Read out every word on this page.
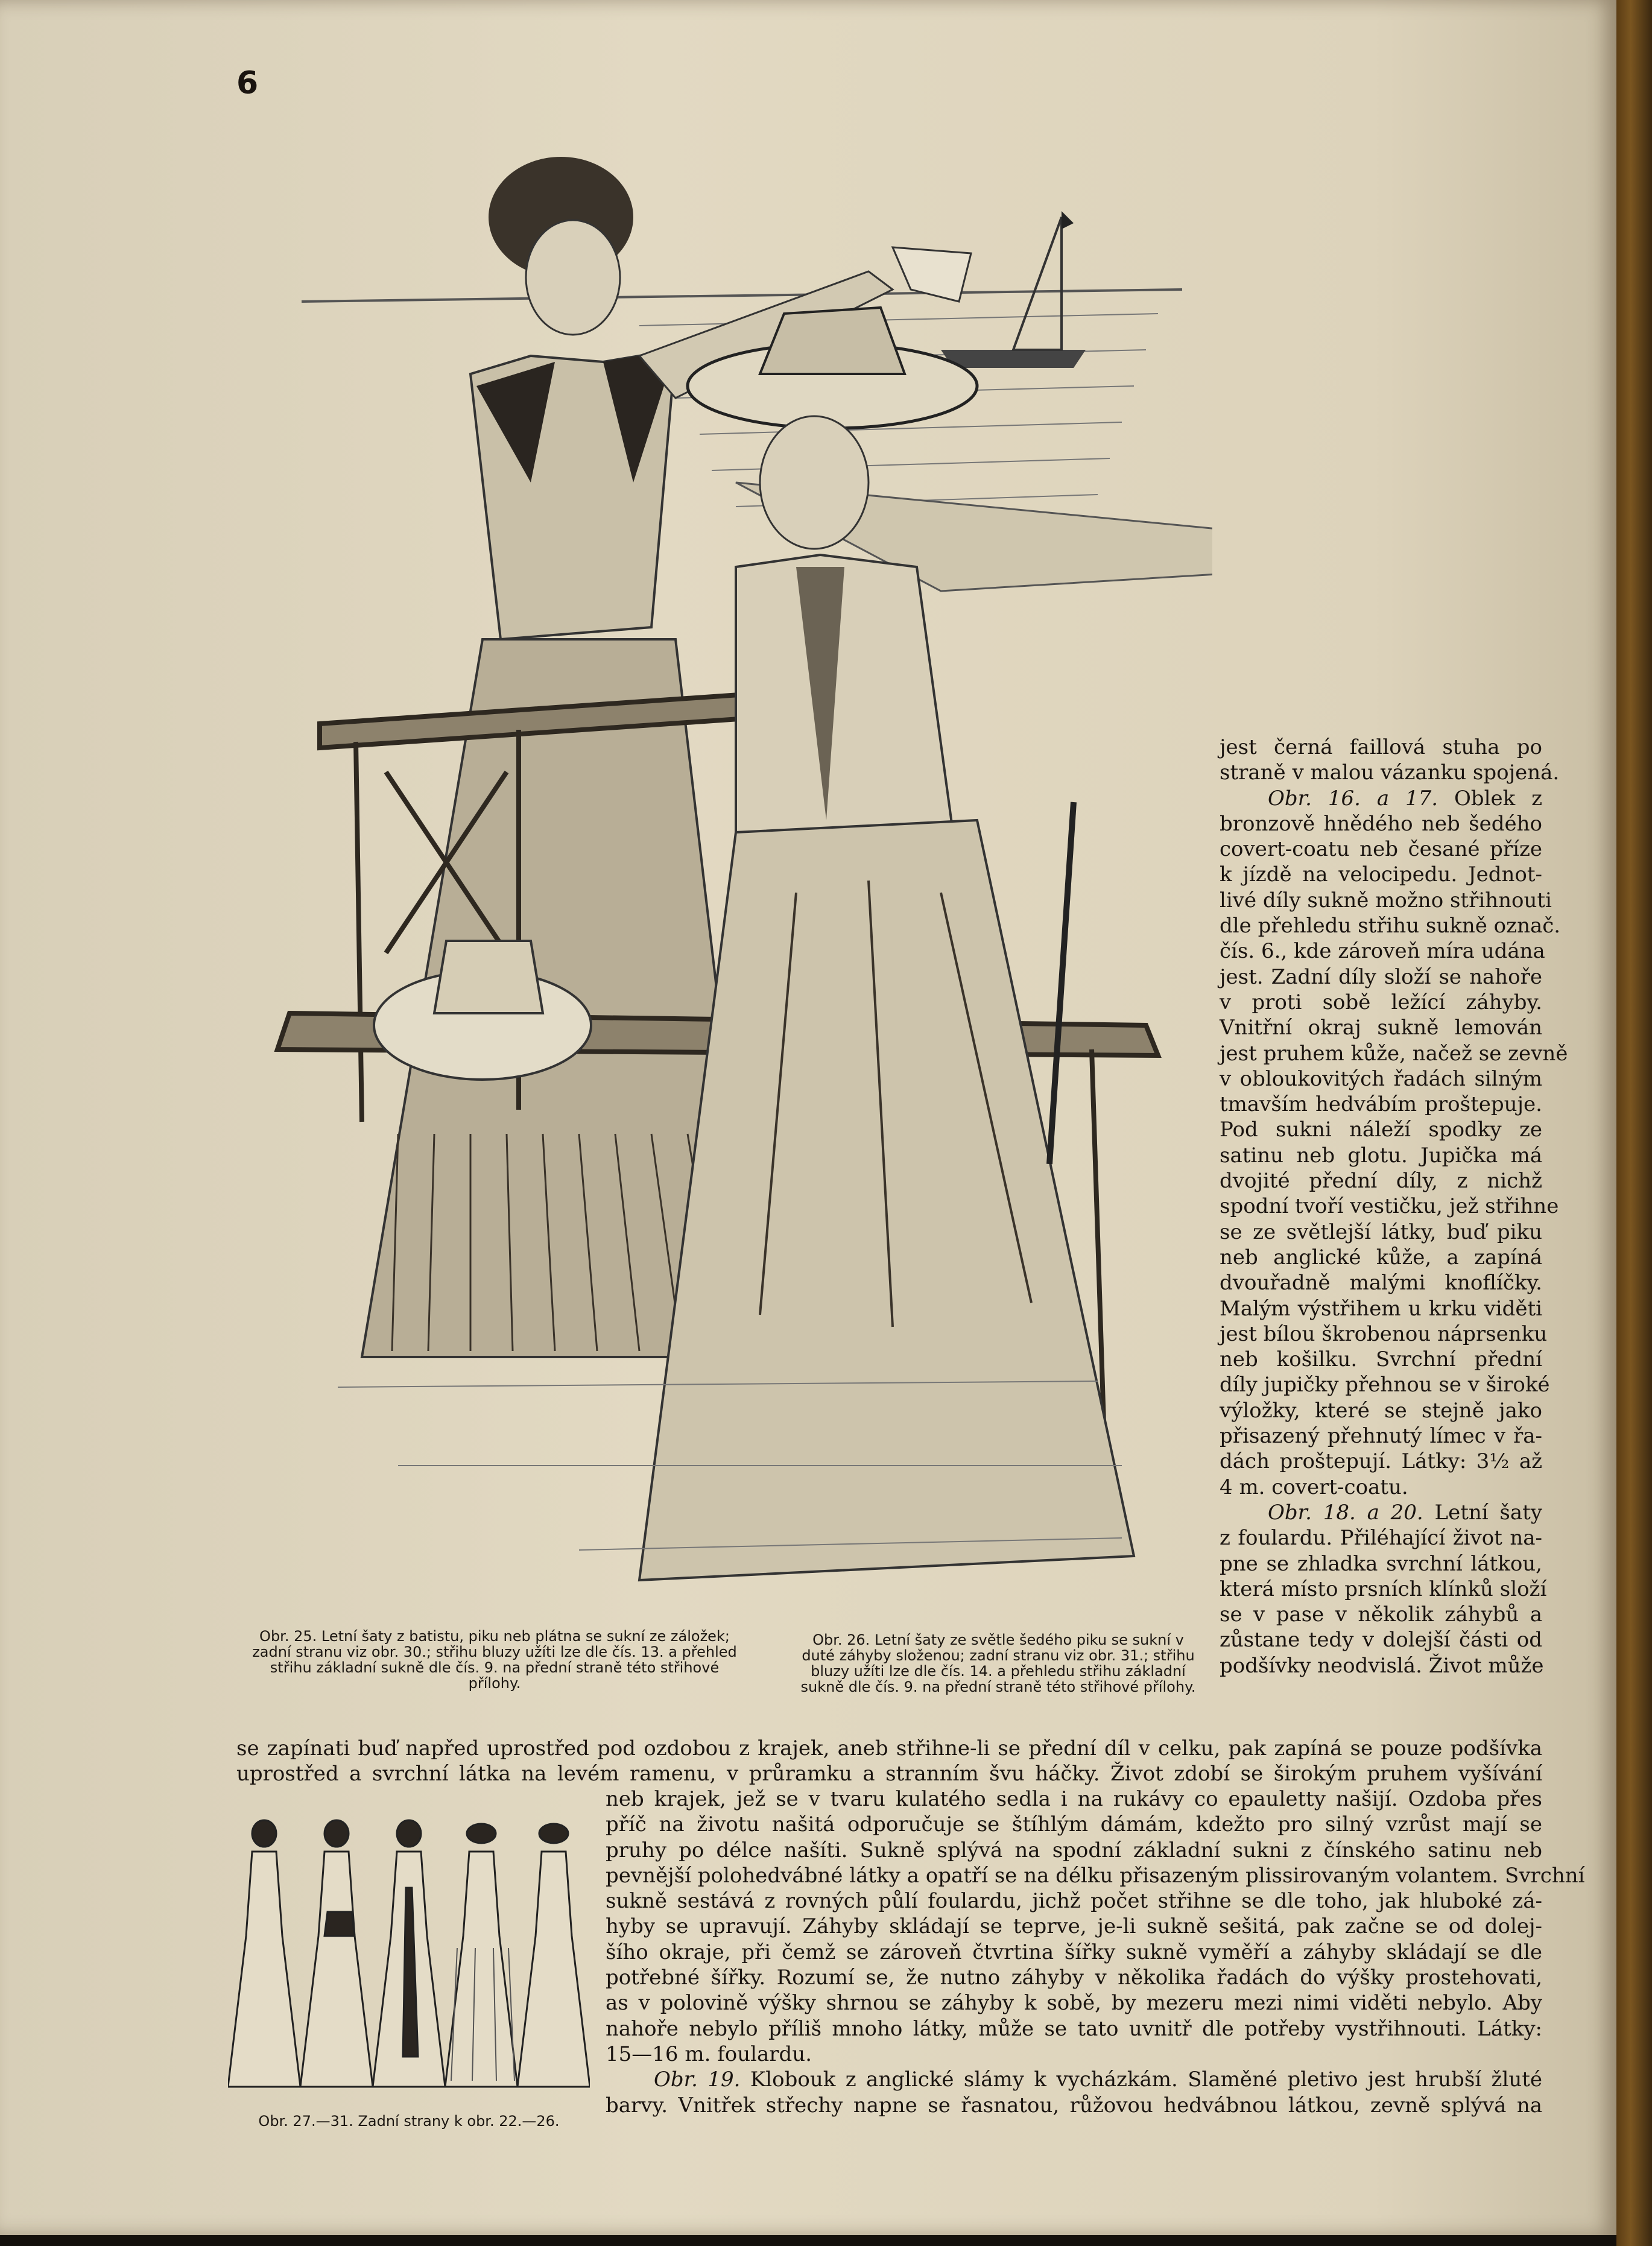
6
Obr. 25. Letní šaty z batistu, piku neb plátna se sukní ze záložek; zadní stranu viz obr. 30.; střihu bluzy užíti lze dle čís. 13. a přehled střihu základní sukně dle čís. 9. na přední straně této střihové přílohy.
Obr. 26. Letní šaty ze světle šedého piku se sukní v duté záhyby složenou; zadní stranu viz obr. 31.; střihu bluzy užíti lze dle čís. 14. a přehledu střihu základní sukně dle čís. 9. na přední straně této střihové přílohy.

jest černá faillová stuha po
straně v malou vázanku spojená.

Obr. 16. a 17. Oblek z
bronzově hnědého neb šedého
covert-coatu neb česané příze
k jízdě na velocipedu. Jednot-
livé díly sukně možno střihnouti
dle přehledu střihu sukně označ.
čís. 6., kde zároveň míra udána
jest. Zadní díly složí se nahoře
v proti sobě ležící záhyby.
Vnitřní okraj sukně lemován
jest pruhem kůže, načež se zevně
v obloukovitých řadách silným
tmavším hedvábím proštepuje.
Pod sukni náleží spodky ze
satinu neb glotu. Jupička má
dvojité přední díly, z nichž
spodní tvoří vestičku, jež střihne
se ze světlejší látky, buď piku
neb anglické kůže, a zapíná
dvouřadně malými knoflíčky.
Malým výstřihem u krku viděti
jest bílou škrobenou náprsenku
neb košilku. Svrchní přední
díly jupičky přehnou se v široké
výložky, které se stejně jako
přisazený přehnutý límec v řa-
dách proštepují. Látky: 3½ až
4 m. covert-coatu.

Obr. 18. a 20. Letní šaty
z foulardu. Přiléhající život na-
pne se zhladka svrchní látkou,
která místo prsních klínků složí
se v pase v několik záhybů a
zůstane tedy v dolejší části od
podšívky neodvislá. Život může

se zapínati buď napřed uprostřed pod ozdobou z krajek, aneb střihne-li se přední díl v celku, pak zapíná se pouze podšívka
uprostřed a svrchní látka na levém ramenu, v průramku a stranním švu háčky. Život zdobí se širokým pruhem vyšívání

Obr. 27.—31. Zadní strany k obr. 22.—26.

neb krajek, jež se v tvaru kulatého sedla i na rukávy co epauletty našijí. Ozdoba přes
příč na životu našitá odporučuje se štíhlým dámám, kdežto pro silný vzrůst mají se
pruhy po délce našíti. Sukně splývá na spodní základní sukni z čínského satinu neb
pevnější polohedvábné látky a opatří se na délku přisazeným plissirovaným volantem. Svrchní
sukně sestává z rovných půlí foulardu, jichž počet střihne se dle toho, jak hluboké zá-
hyby se upravují. Záhyby skládají se teprve, je-li sukně sešitá, pak začne se od dolej-
šího okraje, při čemž se zároveň čtvrtina šířky sukně vyměří a záhyby skládají se dle
potřebné šířky. Rozumí se, že nutno záhyby v několika řadách do výšky prostehovati,
as v polovině výšky shrnou se záhyby k sobě, by mezeru mezi nimi viděti nebylo. Aby
nahoře nebylo příliš mnoho látky, může se tato uvnitř dle potřeby vystřihnouti. Látky:
15—16 m. foulardu.
Obr. 19. Klobouk z anglické slámy k vycházkám. Slaměné pletivo jest hrubší žluté
barvy. Vnitřek střechy napne se řasnatou, růžovou hedvábnou látkou, zevně splývá na
